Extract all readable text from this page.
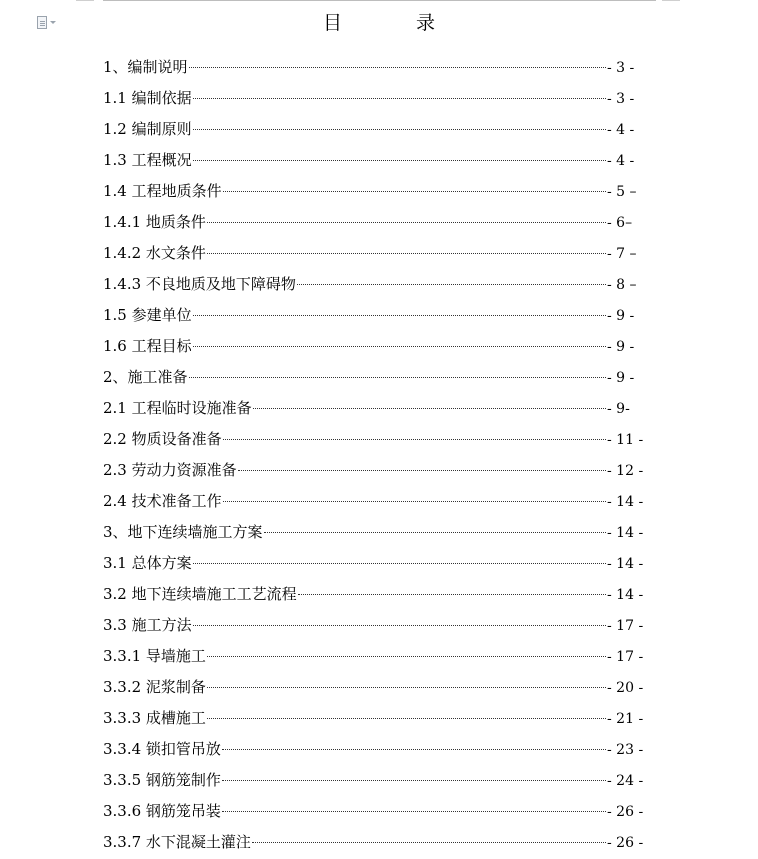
目 录
1、编制说明	- 3 -
1.1 编制依据	- 3 -
1.2 编制原则	- 4 -
1.3 工程概况	- 4 -
1.4 工程地质条件	- 5 –
1.4.1 地质条件	- 6–
1.4.2 水文条件	- 7 –
1.4.3 不良地质及地下障碍物	- 8 –
1.5 参建单位	- 9 -
1.6 工程目标	- 9 -
2、施工准备	- 9 -
2.1 工程临时设施准备	- 9-
2.2 物质设备准备	- 11 -
2.3 劳动力资源准备	- 12 -
2.4 技术准备工作	- 14 -
3、地下连续墙施工方案	- 14 -
3.1 总体方案	- 14 -
3.2 地下连续墙施工工艺流程	- 14 -
3.3 施工方法	- 17 -
3.3.1 导墙施工	- 17 -
3.3.2 泥浆制备	- 20 -
3.3.3 成槽施工	- 21 -
3.3.4 锁扣管吊放	- 23 -
3.3.5 钢筋笼制作	- 24 -
3.3.6 钢筋笼吊装	- 26 -
3.3.7 水下混凝土灌注	- 26 -
